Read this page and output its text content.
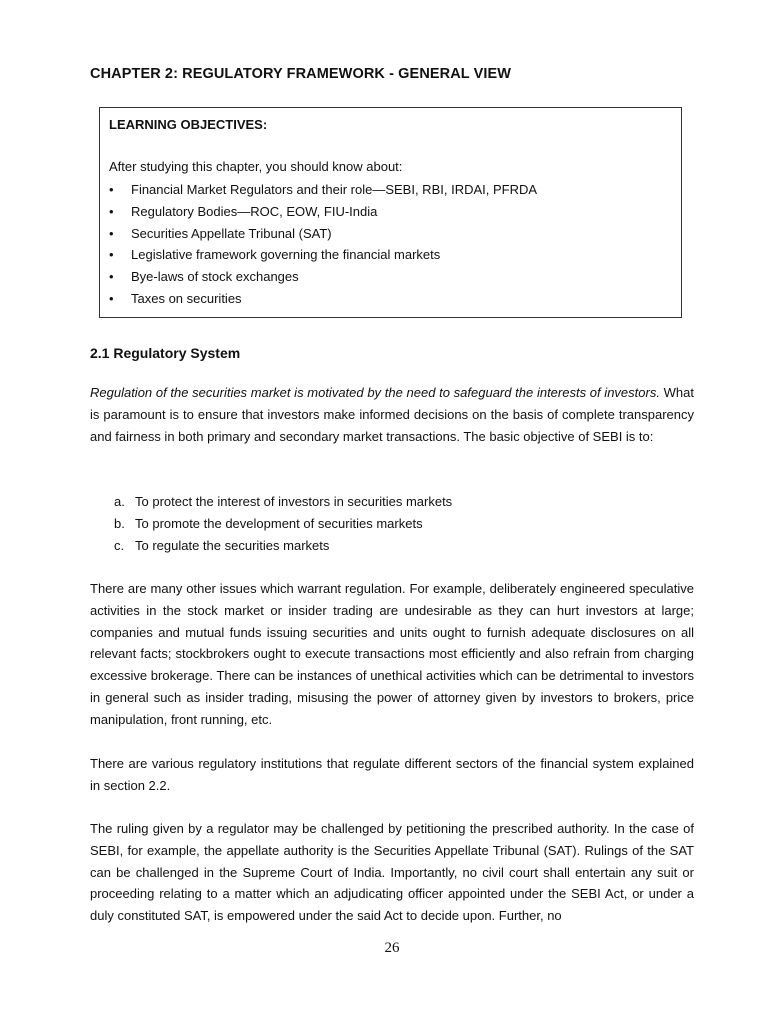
CHAPTER 2: REGULATORY FRAMEWORK - GENERAL VIEW

LEARNING OBJECTIVES:

After studying this chapter, you should know about:

• Financial Market Regulators and their role—SEBI, RBI, IRDAI, PFRDA
• Regulatory Bodies—ROC, EOW, FIU-India
• Securities Appellate Tribunal (SAT)
• Legislative framework governing the financial markets
• Bye-laws of stock exchanges
• Taxes on securities
2.1 Regulatory System

Regulation of the securities market is motivated by the need to safeguard the interests of investors. What is paramount is to ensure that investors make informed decisions on the basis of complete transparency and fairness in both primary and secondary market transactions. The basic objective of SEBI is to:

a. To protect the interest of investors in securities markets
b. To promote the development of securities markets
c. To regulate the securities markets

There are many other issues which warrant regulation. For example, deliberately engineered speculative activities in the stock market or insider trading are undesirable as they can hurt investors at large; companies and mutual funds issuing securities and units ought to furnish adequate disclosures on all relevant facts; stockbrokers ought to execute transactions most efficiently and also refrain from charging excessive brokerage. There can be instances of unethical activities which can be detrimental to investors in general such as insider trading, misusing the power of attorney given by investors to brokers, price manipulation, front running, etc.

There are various regulatory institutions that regulate different sectors of the financial system explained in section 2.2.

The ruling given by a regulator may be challenged by petitioning the prescribed authority. In the case of SEBI, for example, the appellate authority is the Securities Appellate Tribunal (SAT). Rulings of the SAT can be challenged in the Supreme Court of India. Importantly, no civil court shall entertain any suit or proceeding relating to a matter which an adjudicating officer appointed under the SEBI Act, or under a duly constituted SAT, is empowered under the said Act to decide upon. Further, no

26
